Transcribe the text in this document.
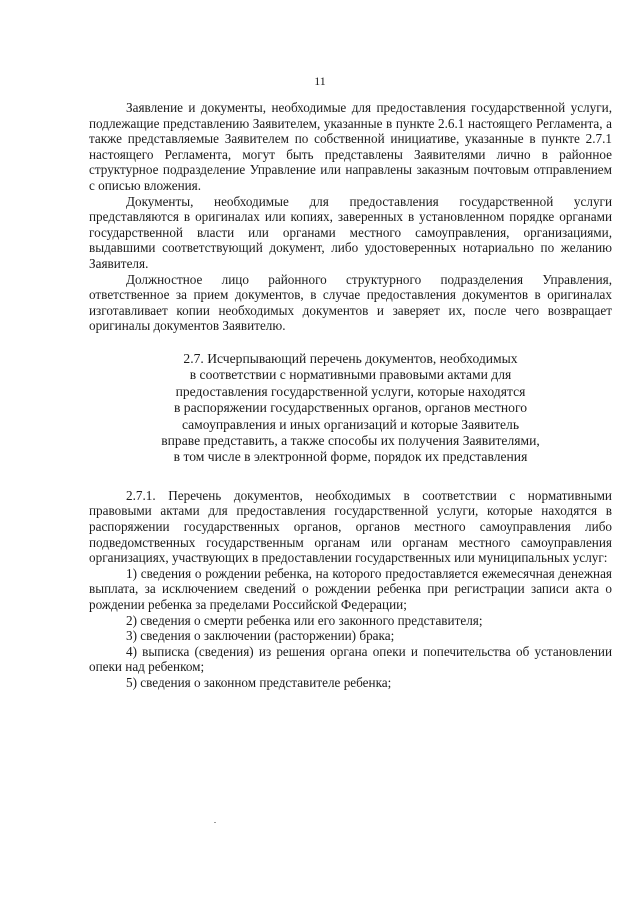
11

Заявление и документы, необходимые для предоставления государственной услуги, подлежащие представлению Заявителем, указанные в пункте 2.6.1 настоящего Регламента, а также представляемые Заявителем по собственной инициативе, указанные в пункте 2.7.1 настоящего Регламента, могут быть представлены Заявителями лично в районное структурное подразделение Управление или направлены заказным почтовым отправлением с описью вложения.

Документы, необходимые для предоставления государственной услуги представляются в оригиналах или копиях, заверенных в установленном порядке органами государственной власти или органами местного самоуправления, организациями, выдавшими соответствующий документ, либо удостоверенных нотариально по желанию Заявителя.

Должностное лицо районного структурного подразделения Управления, ответственное за прием документов, в случае предоставления документов в оригиналах изготавливает копии необходимых документов и заверяет их, после чего возвращает оригиналы документов Заявителю.

2.7. Исчерпывающий перечень документов, необходимых
в соответствии с нормативными правовыми актами для
предоставления государственной услуги, которые находятся
в распоряжении государственных органов, органов местного
самоуправления и иных организаций и которые Заявитель
вправе представить, а также способы их получения Заявителями,
в том числе в электронной форме, порядок их представления

2.7.1. Перечень документов, необходимых в соответствии с нормативными правовыми актами для предоставления государственной услуги, которые находятся в распоряжении государственных органов, органов местного самоуправления либо подведомственных государственным органам или органам местного самоуправления организациях, участвующих в предоставлении государственных или муниципальных услуг:

1) сведения о рождении ребенка, на которого предоставляется ежемесячная денежная выплата, за исключением сведений о рождении ребенка при регистрации записи акта о рождении ребенка за пределами Российской Федерации;

2) сведения о смерти ребенка или его законного представителя;

3) сведения о заключении (расторжении) брака;

4) выписка (сведения) из решения органа опеки и попечительства об установлении опеки над ребенком;

5) сведения о законном представителе ребенка;
